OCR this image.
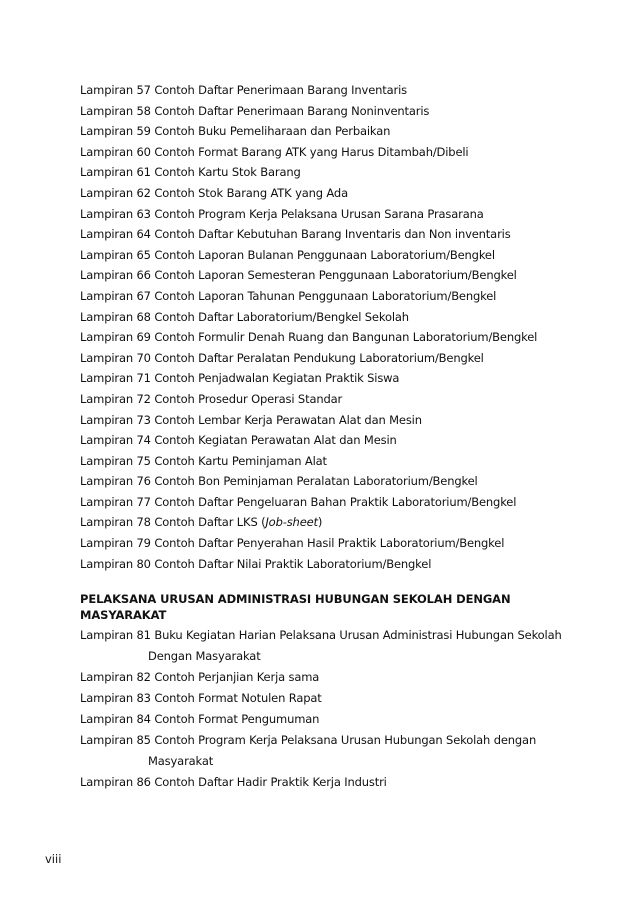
Lampiran 57 Contoh Daftar Penerimaan Barang Inventaris
Lampiran 58 Contoh Daftar Penerimaan Barang Noninventaris
Lampiran 59 Contoh Buku Pemeliharaan dan Perbaikan
Lampiran 60 Contoh Format Barang ATK yang Harus Ditambah/Dibeli
Lampiran 61 Contoh Kartu Stok Barang
Lampiran 62 Contoh Stok Barang ATK yang Ada
Lampiran 63 Contoh Program Kerja Pelaksana Urusan Sarana Prasarana
Lampiran 64 Contoh Daftar Kebutuhan Barang Inventaris dan Non inventaris
Lampiran 65 Contoh Laporan Bulanan Penggunaan Laboratorium/Bengkel
Lampiran 66 Contoh Laporan Semesteran Penggunaan Laboratorium/Bengkel
Lampiran 67 Contoh Laporan Tahunan Penggunaan Laboratorium/Bengkel
Lampiran 68 Contoh Daftar Laboratorium/Bengkel Sekolah
Lampiran 69 Contoh Formulir Denah Ruang dan Bangunan Laboratorium/Bengkel
Lampiran 70 Contoh Daftar Peralatan Pendukung Laboratorium/Bengkel
Lampiran 71 Contoh Penjadwalan Kegiatan Praktik Siswa
Lampiran 72 Contoh Prosedur Operasi Standar
Lampiran 73 Contoh Lembar Kerja Perawatan Alat dan Mesin
Lampiran 74 Contoh Kegiatan Perawatan Alat dan Mesin
Lampiran 75 Contoh Kartu Peminjaman Alat
Lampiran 76 Contoh Bon Peminjaman Peralatan Laboratorium/Bengkel
Lampiran 77 Contoh Daftar Pengeluaran Bahan Praktik Laboratorium/Bengkel
Lampiran 78 Contoh Daftar LKS (Job-sheet)
Lampiran 79 Contoh Daftar Penyerahan Hasil Praktik Laboratorium/Bengkel
Lampiran 80 Contoh Daftar Nilai Praktik Laboratorium/Bengkel
PELAKSANA URUSAN ADMINISTRASI HUBUNGAN SEKOLAH DENGAN MASYARAKAT
Lampiran 81 Buku Kegiatan Harian Pelaksana Urusan Administrasi Hubungan Sekolah
Dengan Masyarakat
Lampiran 82 Contoh Perjanjian Kerja sama
Lampiran 83 Contoh Format Notulen Rapat
Lampiran 84 Contoh Format Pengumuman
Lampiran 85 Contoh Program Kerja Pelaksana Urusan Hubungan Sekolah dengan
Masyarakat
Lampiran 86 Contoh Daftar Hadir Praktik Kerja Industri
viii
